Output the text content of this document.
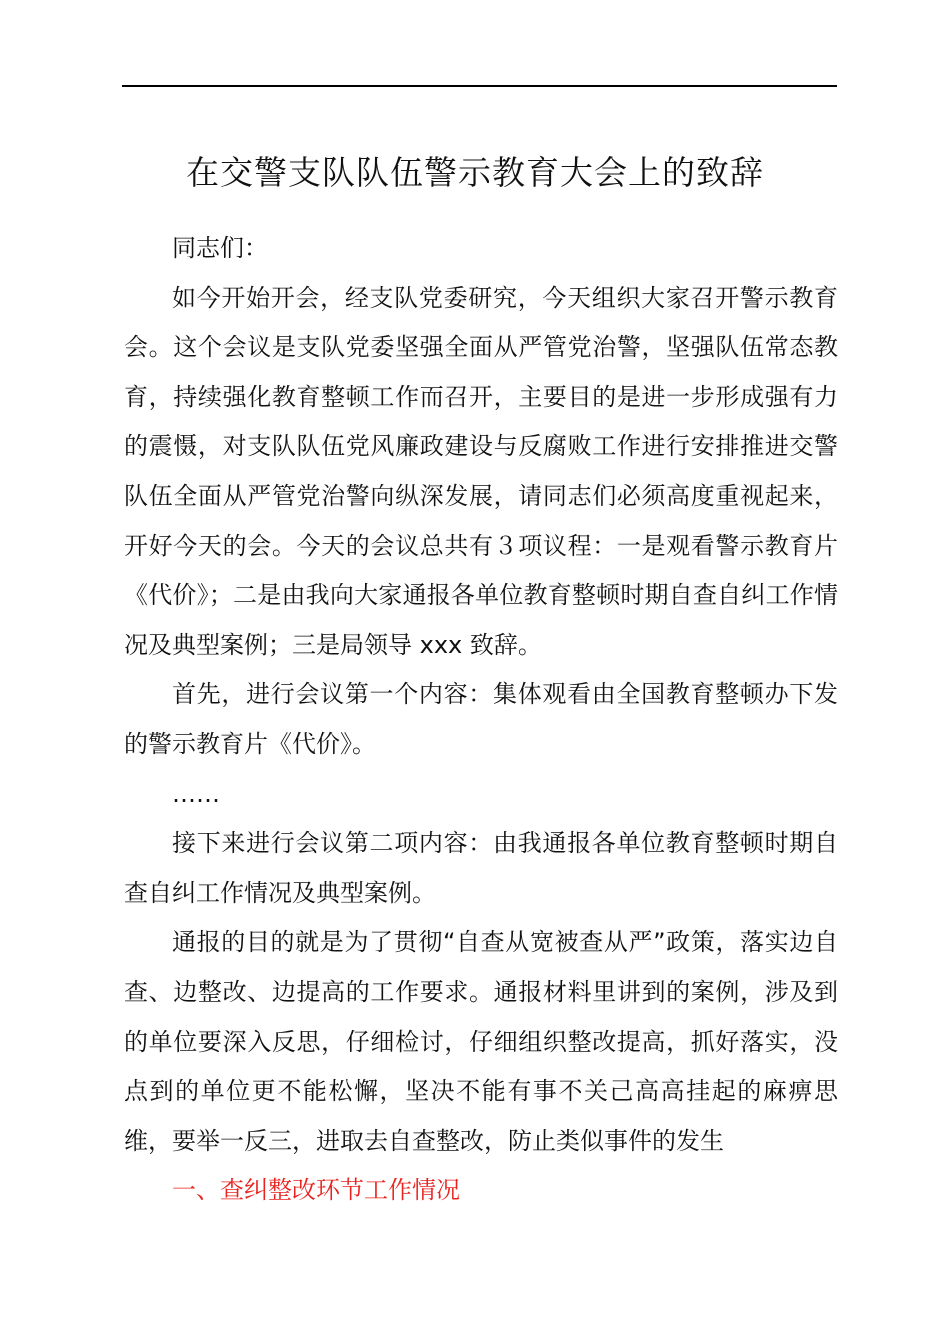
在交警支队队伍警示教育大会上的致辞

同志们：

如今开始开会，经支队党委研究，今天组织大家召开警示教育会。这个会议是支队党委坚强全面从严管党治警，坚强队伍常态教育，持续强化教育整顿工作而召开，主要目的是进一步形成强有力的震慑，对支队队伍党风廉政建设与反腐败工作进行安排推进交警队伍全面从严管党治警向纵深发展，请同志们必须高度重视起来，开好今天的会。今天的会议总共有３项议程：一是观看警示教育片《代价》；二是由我向大家通报各单位教育整顿时期自查自纠工作情况及典型案例；三是局领导 xxx 致辞。

首先，进行会议第一个内容：集体观看由全国教育整顿办下发的警示教育片《代价》。

……

接下来进行会议第二项内容：由我通报各单位教育整顿时期自查自纠工作情况及典型案例。

通报的目的就是为了贯彻“自查从宽被查从严”政策，落实边自查、边整改、边提高的工作要求。通报材料里讲到的案例，涉及到的单位要深入反思，仔细检讨，仔细组织整改提高，抓好落实，没点到的单位更不能松懈，坚决不能有事不关己高高挂起的麻痹思维，要举一反三，进取去自查整改，防止类似事件的发生

一、查纠整改环节工作情况
